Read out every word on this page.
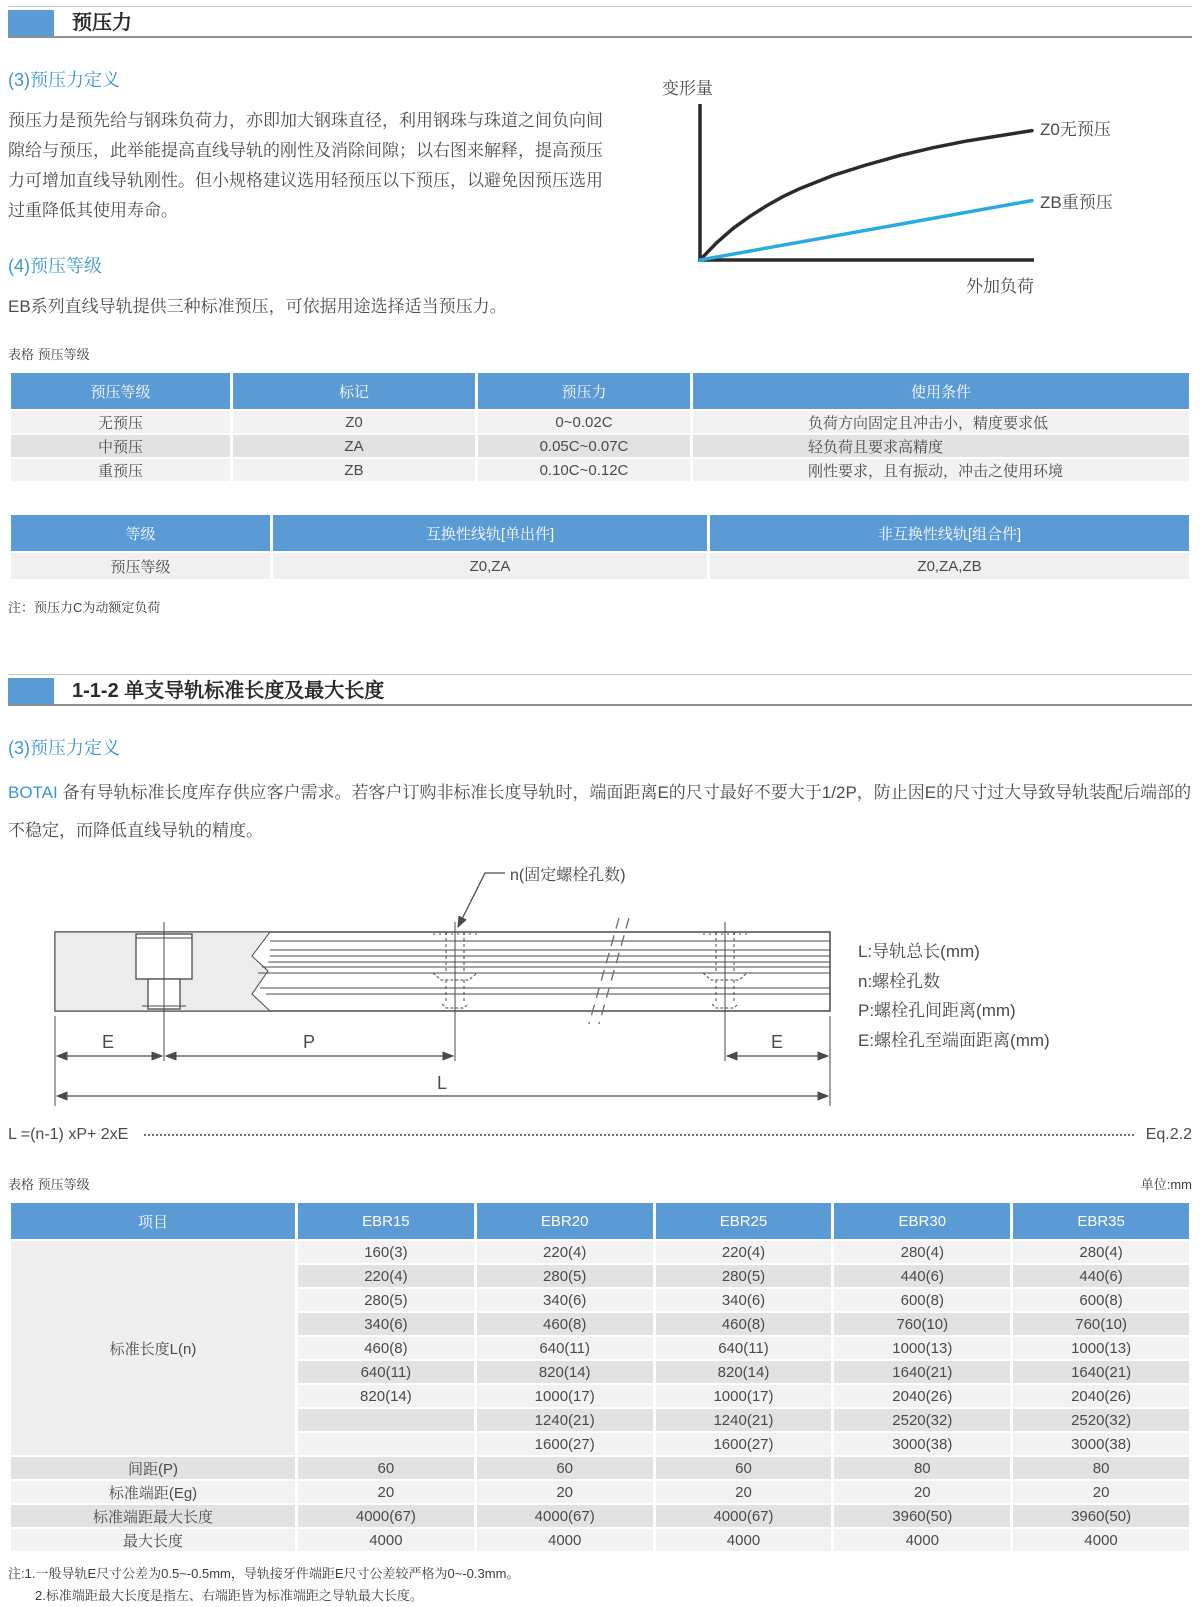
预压力
(3)预压力定义

预压力是预先给与钢珠负荷力，亦即加大钢珠直径，利用钢珠与珠道之间负向间隙给与预压，此举能提高直线导轨的刚性及消除间隙；以右图来解释，提高预压力可增加直线导轨刚性。但小规格建议选用轻预压以下预压，以避免因预压选用过重降低其使用寿命。

(4)预压等级

EB系列直线导轨提供三种标准预压，可依据用途选择适当预压力。

变形量
Z0无预压
ZB重预压
外加负荷
表格 预压等级
预压等级	标记	预压力	使用条件
无预压	Z0	0~0.02C	负荷方向固定且冲击小，精度要求低
中预压	ZA	0.05C~0.07C	轻负荷且要求高精度
重预压	ZB	0.10C~0.12C	刚性要求，且有振动，冲击之使用环境
等级	互换性线轨[单出件]	非互换性线轨[组合件]
预压等级	Z0,ZA	Z0,ZA,ZB
注：预压力C为动额定负荷
1-1-2 单支导轨标准长度及最大长度
(3)预压力定义

BOTAI 备有导轨标准长度库存供应客户需求。若客户订购非标准长度导轨时，端面距离E的尺寸最好不要大于1/2P，防止因E的尺寸过大导致导轨装配后端部的不稳定，而降低直线导轨的精度。

n(固定螺栓孔数)
E	P	E
L
L:导轨总长(mm)
n:螺栓孔数
P:螺栓孔间距离(mm)
E:螺栓孔至端面距离(mm)
L =(n-1) xP+ 2xE	Eq.2.2
表格 预压等级	单位:mm
项目	EBR15	EBR20	EBR25	EBR30	EBR35
标准长度L(n)	160(3)	220(4)	220(4)	280(4)	280(4)
	220(4)	280(5)	280(5)	440(6)	440(6)
	280(5)	340(6)	340(6)	600(8)	600(8)
	340(6)	460(8)	460(8)	760(10)	760(10)
	460(8)	640(11)	640(11)	1000(13)	1000(13)
	640(11)	820(14)	820(14)	1640(21)	1640(21)
	820(14)	1000(17)	1000(17)	2040(26)	2040(26)
		1240(21)	1240(21)	2520(32)	2520(32)
		1600(27)	1600(27)	3000(38)	3000(38)
间距(P)	60	60	60	80	80
标准端距(Eg)	20	20	20	20	20
标准端距最大长度	4000(67)	4000(67)	4000(67)	3960(50)	3960(50)
最大长度	4000	4000	4000	4000	4000
注:1.一般导轨E尺寸公差为0.5~-0.5mm，导轨接牙件端距E尺寸公差较严格为0~-0.3mm。
2.标准端距最大长度是指左、右端距皆为标准端距之导轨最大长度。
